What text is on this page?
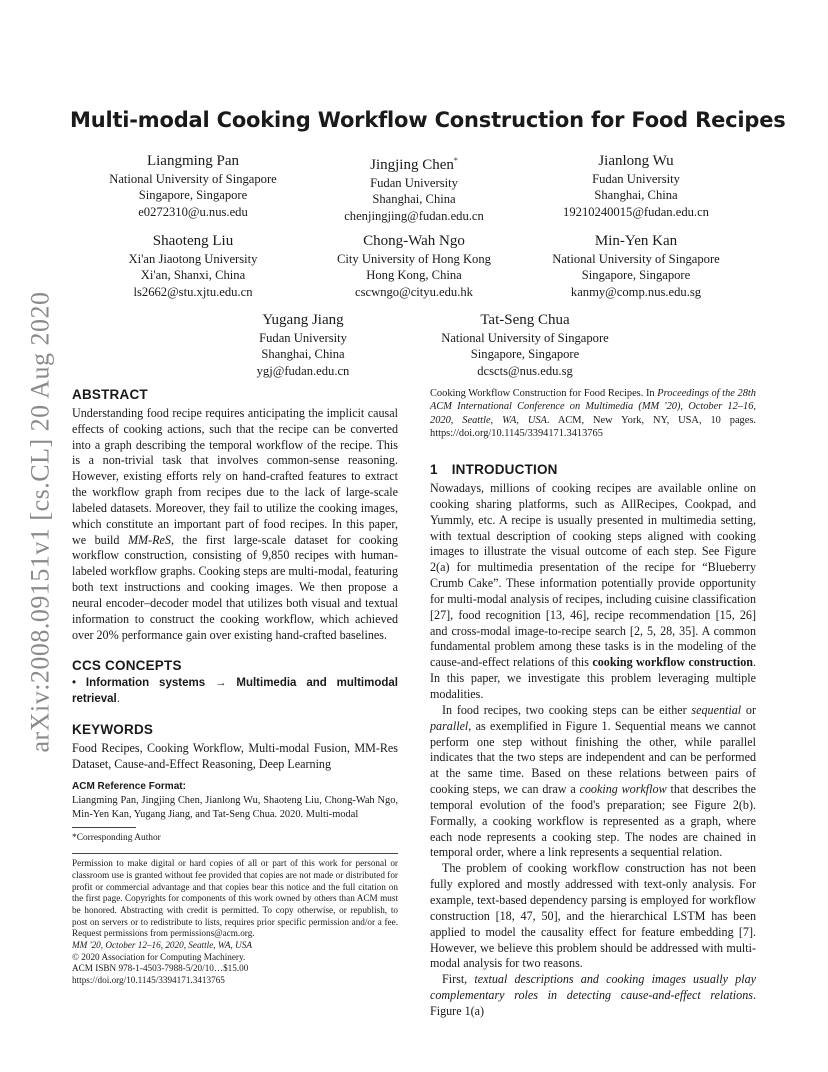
arXiv:2008.09151v1 [cs.CL] 20 Aug 2020
Multi-modal Cooking Workflow Construction for Food Recipes
Liangming Pan
National University of Singapore
Singapore, Singapore
e0272310@u.nus.edu
Jingjing Chen*
Fudan University
Shanghai, China
chenjingjing@fudan.edu.cn
Jianlong Wu
Fudan University
Shanghai, China
19210240015@fudan.edu.cn
Shaoteng Liu
Xi'an Jiaotong University
Xi'an, Shanxi, China
ls2662@stu.xjtu.edu.cn
Chong-Wah Ngo
City University of Hong Kong
Hong Kong, China
cscwngo@cityu.edu.hk
Min-Yen Kan
National University of Singapore
Singapore, Singapore
kanmy@comp.nus.edu.sg
Yugang Jiang
Fudan University
Shanghai, China
ygj@fudan.edu.cn
Tat-Seng Chua
National University of Singapore
Singapore, Singapore
dcscts@nus.edu.sg
ABSTRACT

Understanding food recipe requires anticipating the implicit causal effects of cooking actions, such that the recipe can be converted into a graph describing the temporal workflow of the recipe. This is a non-trivial task that involves common-sense reasoning. However, existing efforts rely on hand-crafted features to extract the workflow graph from recipes due to the lack of large-scale labeled datasets. Moreover, they fail to utilize the cooking images, which constitute an important part of food recipes. In this paper, we build MM-ReS, the first large-scale dataset for cooking workflow construction, consisting of 9,850 recipes with human-labeled workflow graphs. Cooking steps are multi-modal, featuring both text instructions and cooking images. We then propose a neural encoder–decoder model that utilizes both visual and textual information to construct the cooking workflow, which achieved over 20% performance gain over existing hand-crafted baselines.

CCS CONCEPTS

• Information systems → Multimedia and multimodal retrieval.

KEYWORDS

Food Recipes, Cooking Workflow, Multi-modal Fusion, MM-Res Dataset, Cause-and-Effect Reasoning, Deep Learning

ACM Reference Format:

Liangming Pan, Jingjing Chen, Jianlong Wu, Shaoteng Liu, Chong-Wah Ngo, Min-Yen Kan, Yugang Jiang, and Tat-Seng Chua. 2020. Multi-modal

*Corresponding Author

Permission to make digital or hard copies of all or part of this work for personal or classroom use is granted without fee provided that copies are not made or distributed for profit or commercial advantage and that copies bear this notice and the full citation on the first page. Copyrights for components of this work owned by others than ACM must be honored. Abstracting with credit is permitted. To copy otherwise, or republish, to post on servers or to redistribute to lists, requires prior specific permission and/or a fee. Request permissions from permissions@acm.org.

MM '20, October 12–16, 2020, Seattle, WA, USA
© 2020 Association for Computing Machinery.
ACM ISBN 978-1-4503-7988-5/20/10…$15.00
https://doi.org/10.1145/3394171.3413765

Cooking Workflow Construction for Food Recipes. In Proceedings of the 28th ACM International Conference on Multimedia (MM '20), October 12–16, 2020, Seattle, WA, USA. ACM, New York, NY, USA, 10 pages. https://doi.org/10.1145/3394171.3413765

1 INTRODUCTION

Nowadays, millions of cooking recipes are available online on cooking sharing platforms, such as AllRecipes, Cookpad, and Yummly, etc. A recipe is usually presented in multimedia setting, with textual description of cooking steps aligned with cooking images to illustrate the visual outcome of each step. See Figure 2(a) for multimedia presentation of the recipe for “Blueberry Crumb Cake”. These information potentially provide opportunity for multi-modal analysis of recipes, including cuisine classification [27], food recognition [13, 46], recipe recommendation [15, 26] and cross-modal image-to-recipe search [2, 5, 28, 35]. A common fundamental problem among these tasks is in the modeling of the cause-and-effect relations of this cooking workflow construction. In this paper, we investigate this problem leveraging multiple modalities.

In food recipes, two cooking steps can be either sequential or parallel, as exemplified in Figure 1. Sequential means we cannot perform one step without finishing the other, while parallel indicates that the two steps are independent and can be performed at the same time. Based on these relations between pairs of cooking steps, we can draw a cooking workflow that describes the temporal evolution of the food's preparation; see Figure 2(b). Formally, a cooking workflow is represented as a graph, where each node represents a cooking step. The nodes are chained in temporal order, where a link represents a sequential relation.

The problem of cooking workflow construction has not been fully explored and mostly addressed with text-only analysis. For example, text-based dependency parsing is employed for workflow construction [18, 47, 50], and the hierarchical LSTM has been applied to model the causality effect for feature embedding [7]. However, we believe this problem should be addressed with multi-modal analysis for two reasons.

First, textual descriptions and cooking images usually play complementary roles in detecting cause-and-effect relations. Figure 1(a)
